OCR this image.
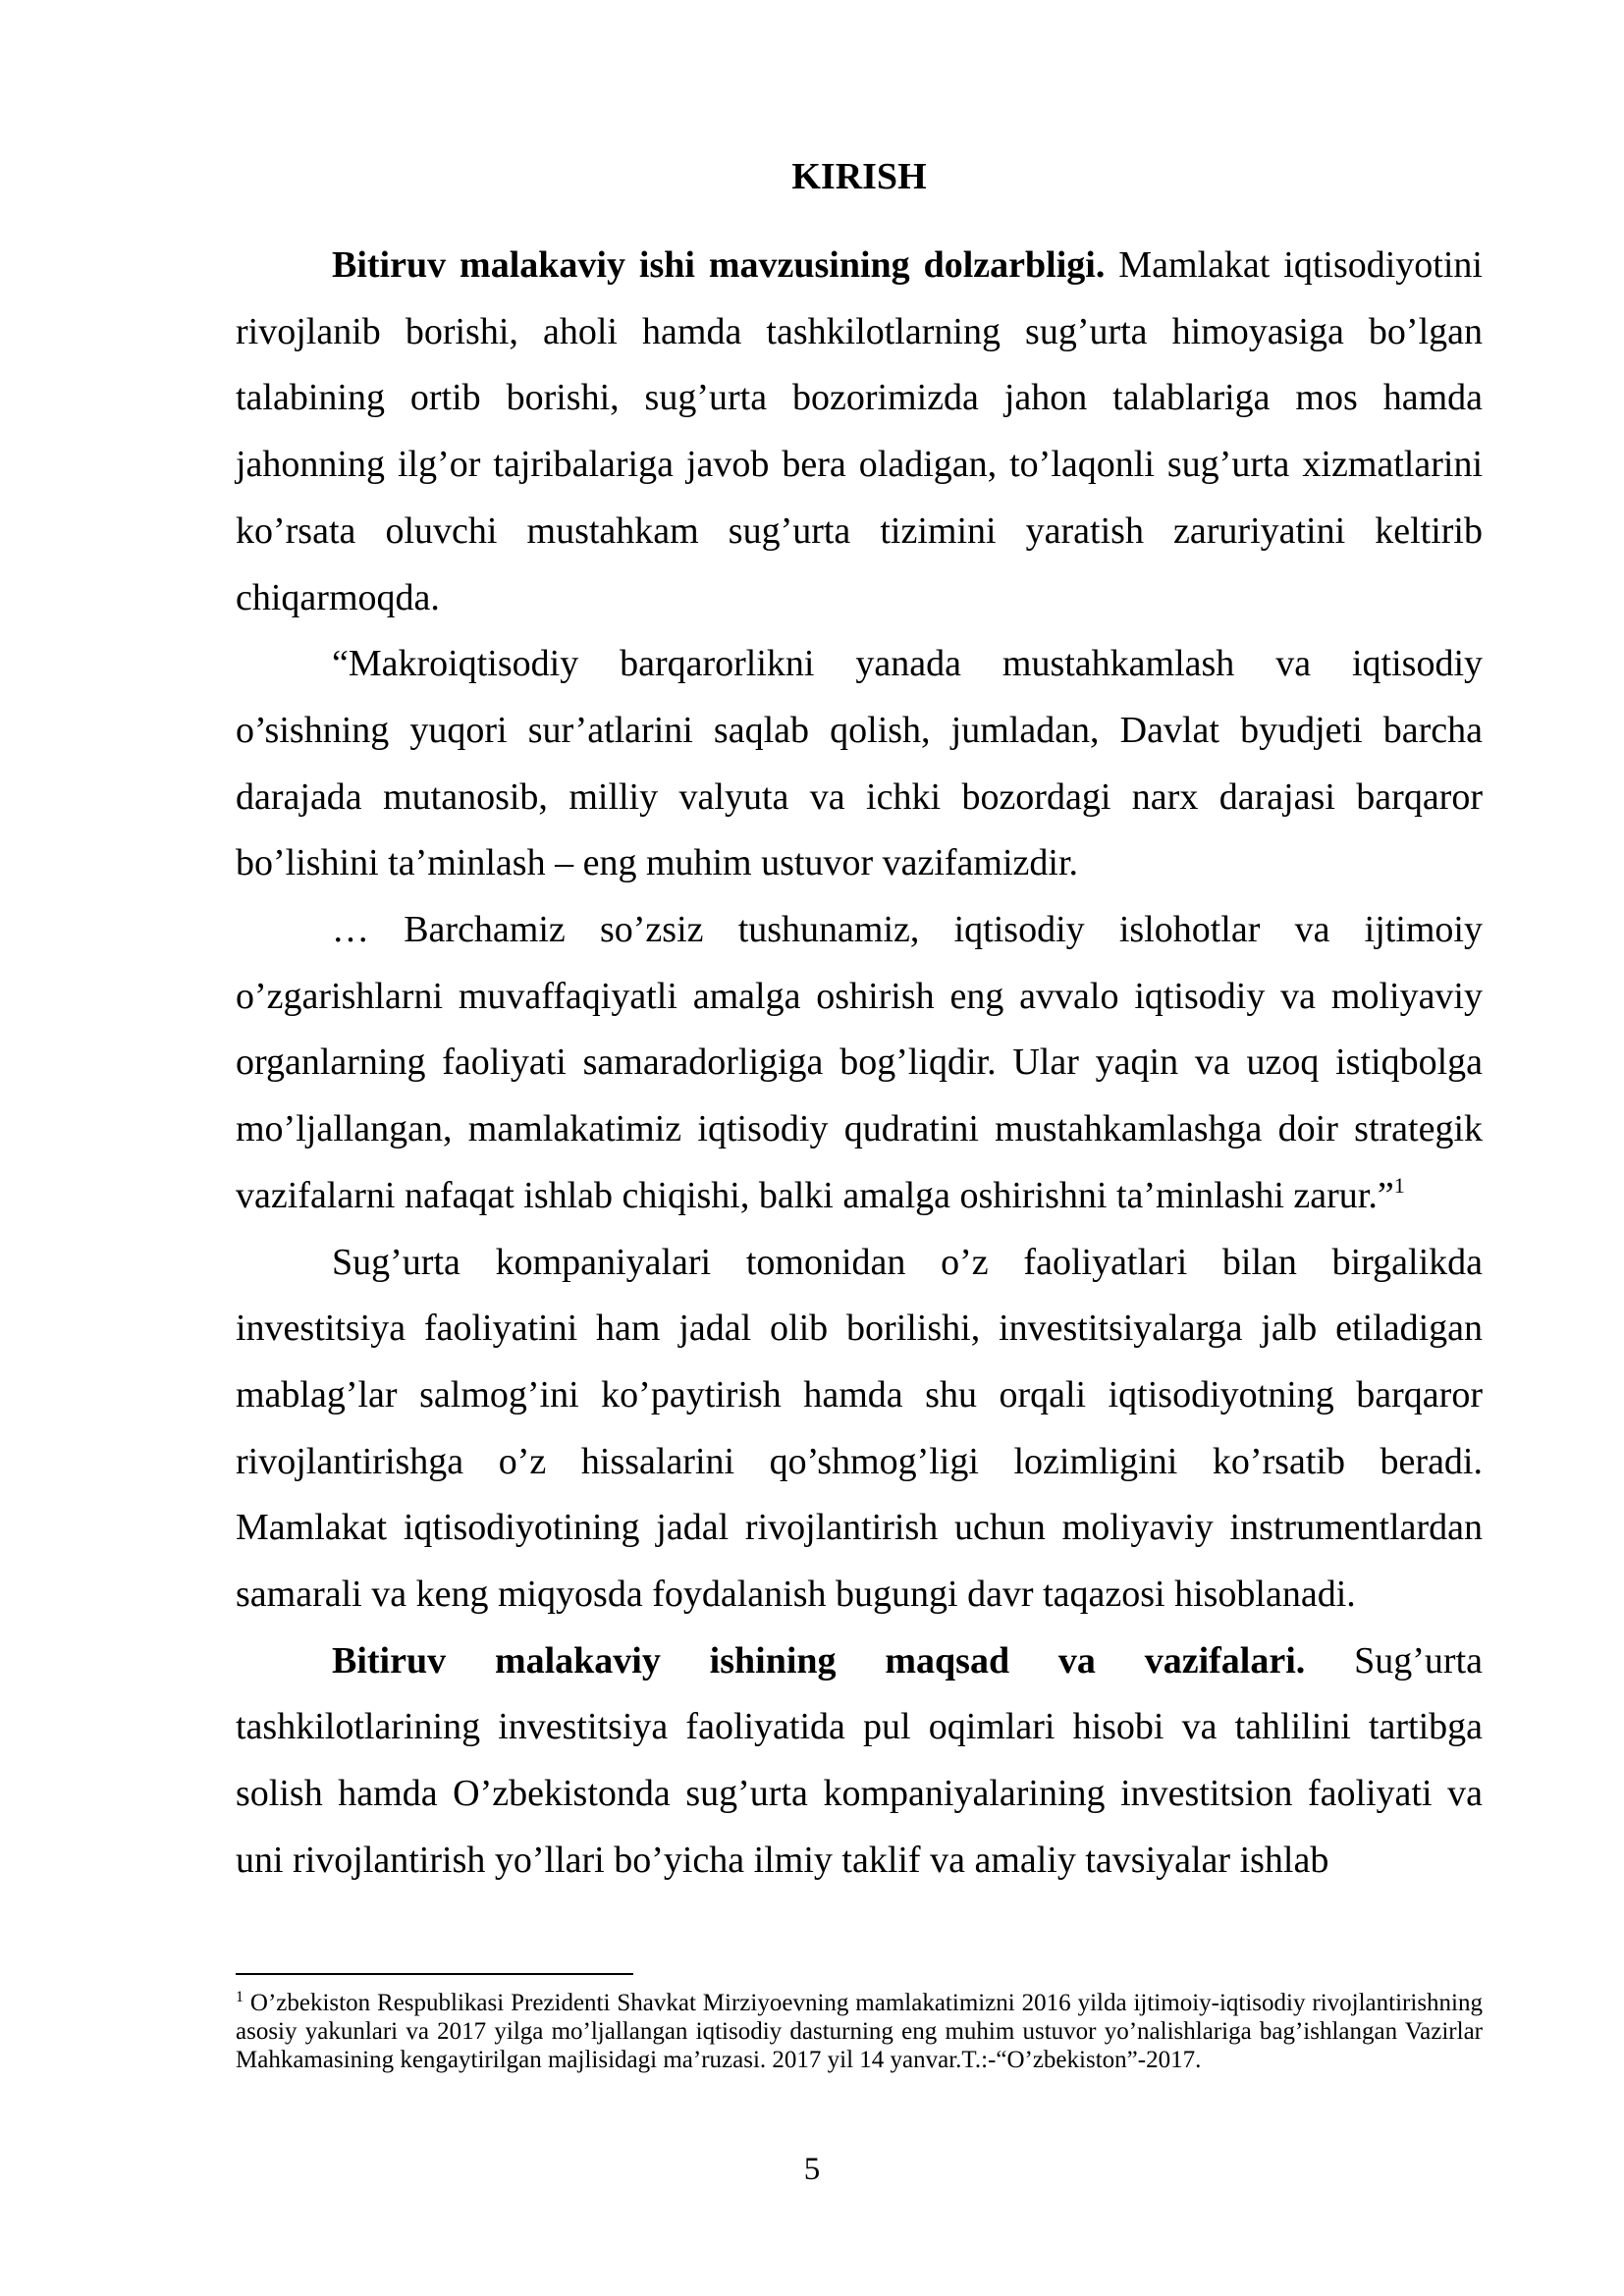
KIRISH

Bitiruv malakaviy ishi mavzusining dolzarbligi. Mamlakat iqtisodiyotini rivojlanib borishi, aholi hamda tashkilotlarning sug’urta himoyasiga bo’lgan talabining ortib borishi, sug’urta bozorimizda jahon talablariga mos hamda jahonning ilg’or tajribalariga javob bera oladigan, to’laqonli sug’urta xizmatlarini ko’rsata oluvchi mustahkam sug’urta tizimini yaratish zaruriyatini keltirib chiqarmoqda.

“Makroiqtisodiy barqarorlikni yanada mustahkamlash va iqtisodiy o’sishning yuqori sur’atlarini saqlab qolish, jumladan, Davlat byudjeti barcha darajada mutanosib, milliy valyuta va ichki bozordagi narx darajasi barqaror bo’lishini ta’minlash – eng muhim ustuvor vazifamizdir.

… Barchamiz so’zsiz tushunamiz, iqtisodiy islohotlar va ijtimoiy o’zgarishlarni muvaffaqiyatli amalga oshirish eng avvalo iqtisodiy va moliyaviy organlarning faoliyati samaradorligiga bog’liqdir. Ular yaqin va uzoq istiqbolga mo’ljallangan, mamlakatimiz iqtisodiy qudratini mustahkamlashga doir strategik vazifalarni nafaqat ishlab chiqishi, balki amalga oshirishni ta’minlashi zarur.”$^1$

Sug’urta kompaniyalari tomonidan o’z faoliyatlari bilan birgalikda investitsiya faoliyatini ham jadal olib borilishi, investitsiyalarga jalb etiladigan mablag’lar salmog’ini ko’paytirish hamda shu orqali iqtisodiyotning barqaror rivojlantirishga o’z hissalarini qo’shmog’ligi lozimligini ko’rsatib beradi. Mamlakat iqtisodiyotining jadal rivojlantirish uchun moliyaviy instrumentlardan samarali va keng miqyosda foydalanish bugungi davr taqazosi hisoblanadi.

Bitiruv malakaviy ishining maqsad va vazifalari. Sug’urta tashkilotlarining investitsiya faoliyatida pul oqimlari hisobi va tahlilini tartibga solish hamda O’zbekistonda sug’urta kompaniyalarining investitsion faoliyati va uni rivojlantirish yo’llari bo’yicha ilmiy taklif va amaliy tavsiyalar ishlab

$^1$ O’zbekiston Respublikasi Prezidenti Shavkat Mirziyoevning mamlakatimizni 2016 yilda ijtimoiy-iqtisodiy rivojlantirishning asosiy yakunlari va 2017 yilga mo’ljallangan iqtisodiy dasturning eng muhim ustuvor yo’nalishlariga bag’ishlangan Vazirlar Mahkamasining kengaytirilgan majlisidagi ma’ruzasi. 2017 yil 14 yanvar.T.:-“O’zbekiston”-2017.

5
